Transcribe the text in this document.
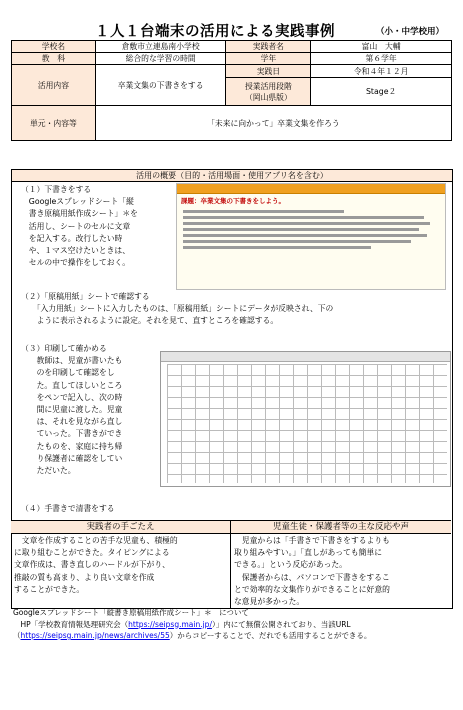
１人１台端末の活用による実践事例	（小・中学校用）
学校名	倉敷市立連島南小学校	実践者名	富山　大輔
教　科	総合的な学習の時間	学年	第６学年
活用内容	卒業文集の下書きをする	実践日	令和４年１２月

		授業活用段階
（岡山県版）	Stage２
単元・内容等	「未来に向かって」卒業文集を作ろう		
活用の概要（目的・活用場面・使用アプリ名を含む）
（１）下書きをする
　Googleスプレッドシート「縦
　書き原稿用紙作成シート」＊を
　活用し、シートのセルに文章
　を記入する。改行したい時
　や、１マス空けたいときは、
　セルの中で操作をしておく。
課題：卒業文集の下書きをしよう。
（２）「原稿用紙」シートで確認する
　　「入力用紙」シートに入力したものは、「原稿用紙」シートにデータが反映され、下の
　　ように表示されるように設定。それを見て、直すところを確認する。
（３）印刷して確かめる
　　教師は、児童が書いたも
　　のを印刷して確認をし
　　た。直してほしいところ
　　をペンで記入し、次の時
　　間に児童に渡した。児童
　　は、それを見ながら直し
　　ていった。下書きができ
　　たものを、家庭に持ち帰
　　り保護者に確認をしてい
　　ただいた。
（４）手書きで清書をする
実践者の手ごたえ
　文章を作成することの苦手な児童も、積極的
に取り組むことができた。タイピングによる
文章作成は、書き直しのハードルが下がり、
推敲の質も高まり、より良い文章を作成
することができた。
児童生徒・保護者等の主な反応や声
　児童からは「手書きで下書きをするよりも
取り組みやすい。」「直しがあっても簡単に
できる。」という反応があった。
　保護者からは、パソコンで下書きをするこ
とで効率的な文集作りができることに好意的
な意見が多かった。
Googleスプレッドシート「縦書き原稿用紙作成シート」＊　について
　HP「学校教育情報処理研究会（https://seipsg.main.jp/）」内にて無償公開されており、当該URL
（https://seipsg.main.jp/news/archives/55）からコピーすることで、だれでも活用することができる。
